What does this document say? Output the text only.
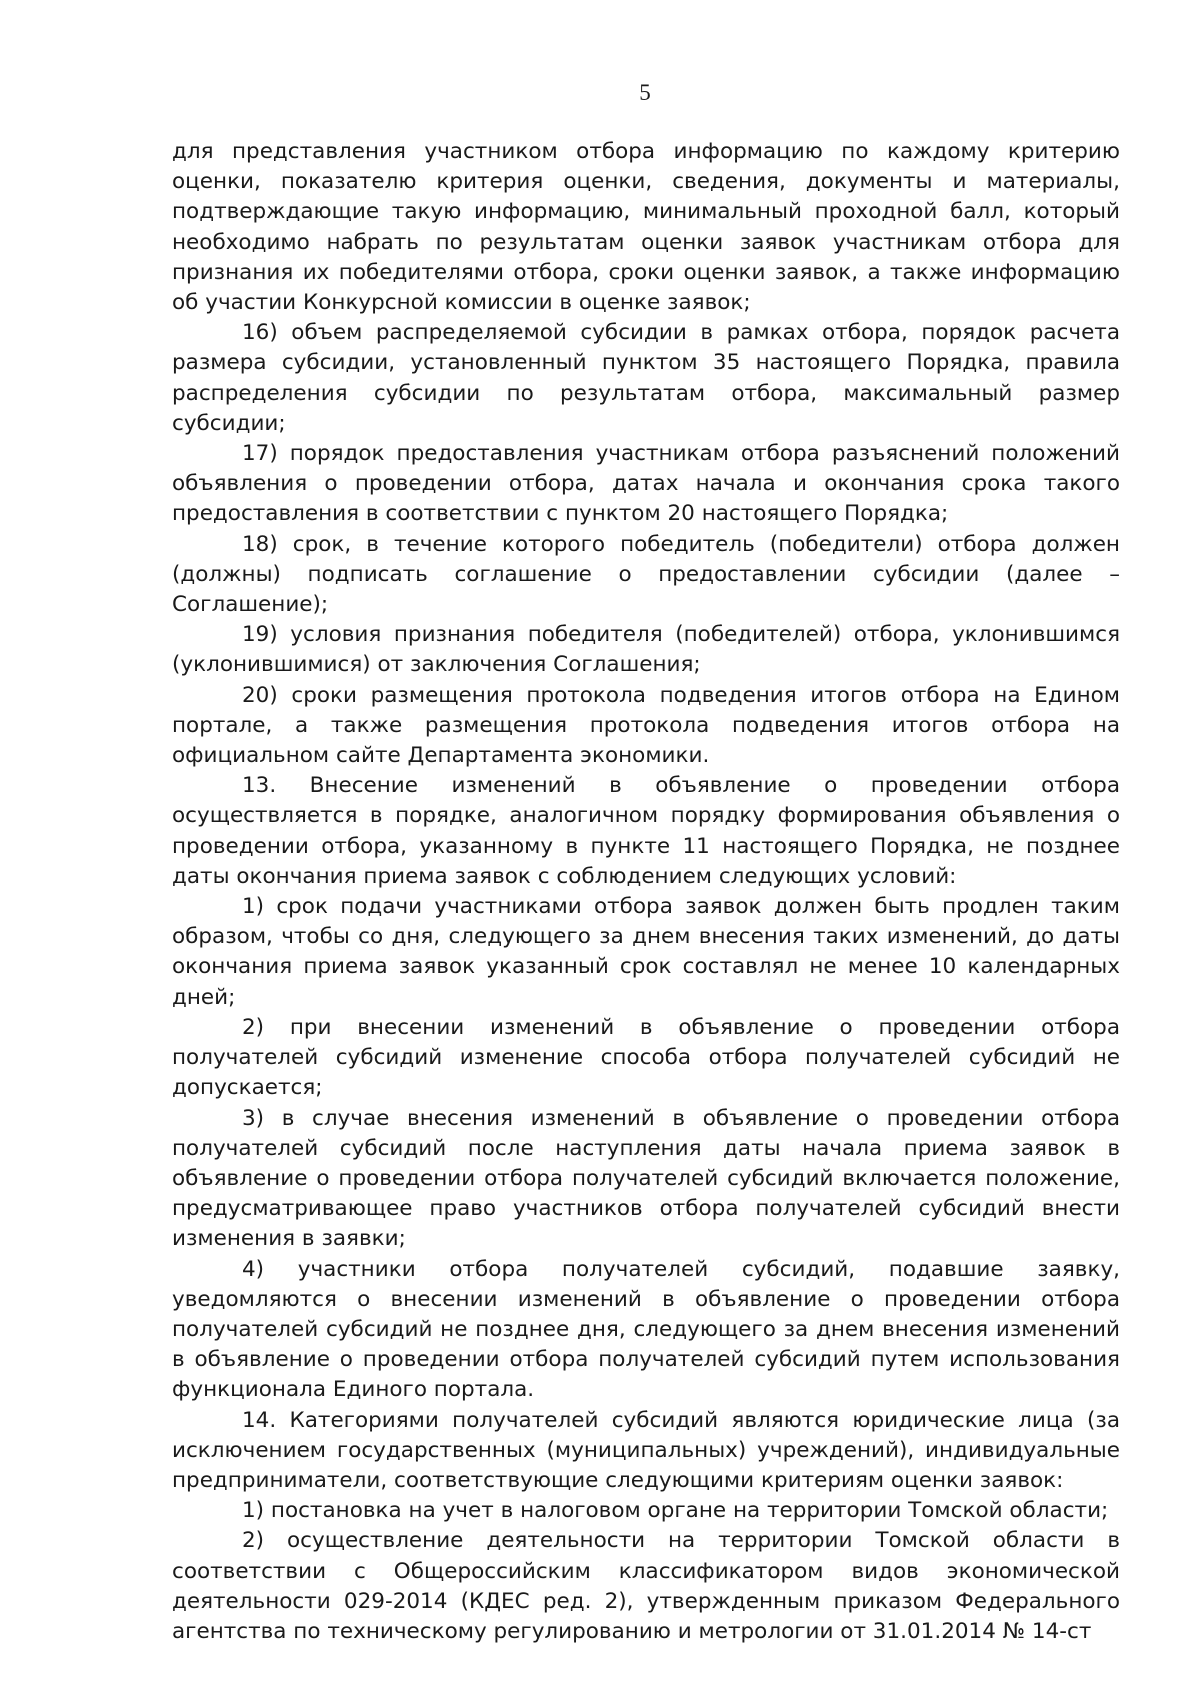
5

для представления участником отбора информацию по каждому критерию оценки, показателю критерия оценки, сведения, документы и материалы, подтверждающие такую информацию, минимальный проходной балл, который необходимо набрать по результатам оценки заявок участникам отбора для признания их победителями отбора, сроки оценки заявок, а также информацию об участии Конкурсной комиссии в оценке заявок;

16) объем распределяемой субсидии в рамках отбора, порядок расчета размера субсидии, установленный пунктом 35 настоящего Порядка, правила распределения субсидии по результатам отбора, максимальный размер субсидии;

17) порядок предоставления участникам отбора разъяснений положений объявления о проведении отбора, датах начала и окончания срока такого предоставления в соответствии с пунктом 20 настоящего Порядка;

18) срок, в течение которого победитель (победители) отбора должен (должны) подписать соглашение о предоставлении субсидии (далее – Соглашение);

19) условия признания победителя (победителей) отбора, уклонившимся (уклонившимися) от заключения Соглашения;

20) сроки размещения протокола подведения итогов отбора на Едином портале, а также размещения протокола подведения итогов отбора на официальном сайте Департамента экономики.

13. Внесение изменений в объявление о проведении отбора осуществляется в порядке, аналогичном порядку формирования объявления о проведении отбора, указанному в пункте 11 настоящего Порядка, не позднее даты окончания приема заявок с соблюдением следующих условий:

1) срок подачи участниками отбора заявок должен быть продлен таким образом, чтобы со дня, следующего за днем внесения таких изменений, до даты окончания приема заявок указанный срок составлял не менее 10 календарных дней;

2) при внесении изменений в объявление о проведении отбора получателей субсидий изменение способа отбора получателей субсидий не допускается;

3) в случае внесения изменений в объявление о проведении отбора получателей субсидий после наступления даты начала приема заявок в объявление о проведении отбора получателей субсидий включается положение, предусматривающее право участников отбора получателей субсидий внести изменения в заявки;

4) участники отбора получателей субсидий, подавшие заявку, уведомляются о внесении изменений в объявление о проведении отбора получателей субсидий не позднее дня, следующего за днем внесения изменений в объявление о проведении отбора получателей субсидий путем использования функционала Единого портала.

14. Категориями получателей субсидий являются юридические лица (за исключением государственных (муниципальных) учреждений), индивидуальные предприниматели, соответствующие следующими критериям оценки заявок:

1) постановка на учет в налоговом органе на территории Томской области;

2) осуществление деятельности на территории Томской области в соответствии с Общероссийским классификатором видов экономической деятельности 029-2014 (КДЕС ред. 2), утвержденным приказом Федерального агентства по техническому регулированию и метрологии от 31.01.2014 № 14-ст
